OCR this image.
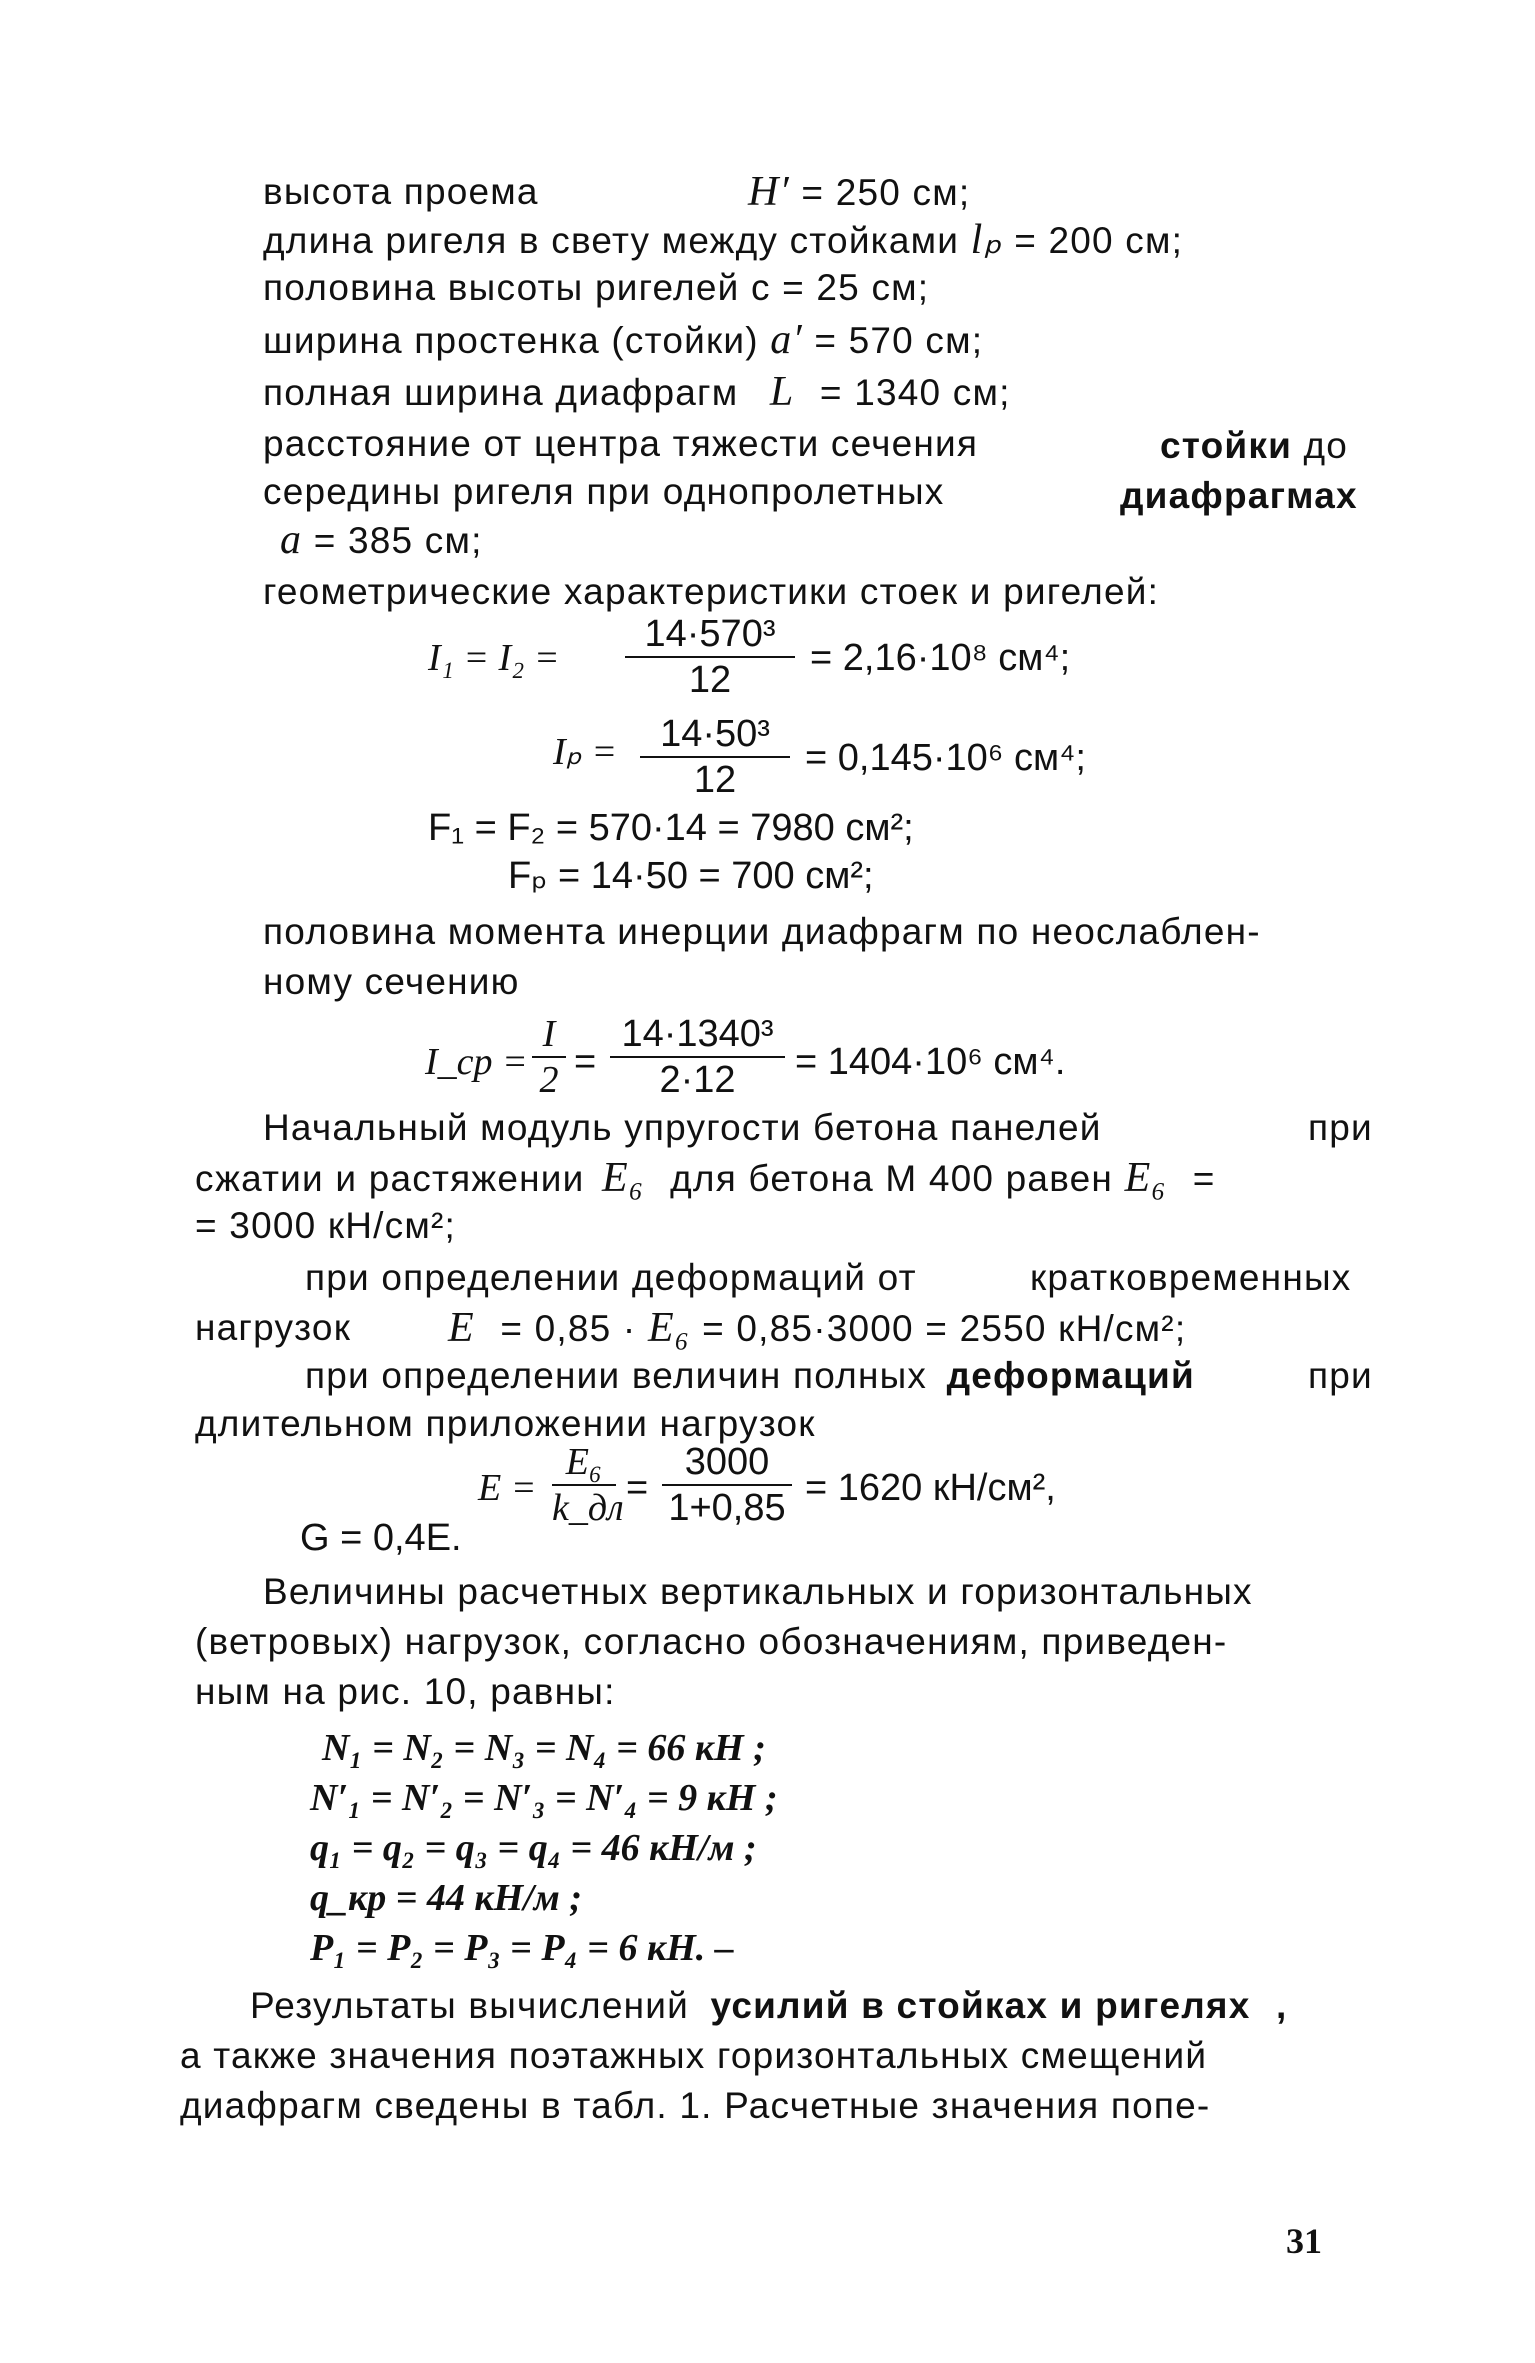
высота проема	H′ = 250 см;
длина ригеля в свету между стойками lₚ = 200 см;
половина высоты ригелей c = 25 см;
ширина простенка (стойки) a′ = 570 см;
полная ширина диафрагм L = 1340 см;
расстояние от центра тяжести сечения	стойки до
середины ригеля при однопролетных	диафрагмах
a = 385 см;
геометрические характеристики стоек и ригелей:
$I_1 = I_2 = \frac{\text{14·570³}}{12} = 2,16\cdot 10^8$ см⁴;
$I_p = \frac{\text{14·50³}}{12} = 0,145\cdot 10^6$ см⁴;
F₁ = F₂ = 570·14 = 7980 см²;
Fₚ = 14·50 = 700 см²;
половина момента инерции диафрагм по неослаблен-
ному сечению
I_ср = $\frac{I}{2} = \frac{\text{14·1340³}}{2\cdot 12} = 1404\cdot 10^6$ см⁴.
Начальный модуль упругости бетона панелей	при
сжатии и растяжении E₆ для бетона М 400 равен E₆ =
= 3000 кН/см²;
при определении деформаций от	кратковременных
нагрузок E = 0,85 · E₆ = 0,85·3000 = 2550 кН/см²;
при определении величин полных деформаций	при
длительном приложении нагрузок
E =
E₆
k_дл = $\frac{3000}{1+0,85} = 1620$ кН/см²,
G = 0,4E.
Величины расчетных вертикальных и горизонтальных
(ветровых) нагрузок, согласно обозначениям, приведен-
ным на рис. 10, равны:
N₁ = N₂ = N₃ = N₄ = 66 кН ;
N′₁ = N′₂ = N′₃ = N′₄ = 9 кН ;
q₁ = q₂ = q₃ = q₄ = 46 кН/м ;
q_кр = 44 кН/м ;
P₁ = P₂ = P₃ = P₄ = 6 кН. –
Результаты вычислений усилий в стойках и ригелях ,
а также значения поэтажных горизонтальных смещений
диафрагм сведены в табл. 1. Расчетные значения попе-
31
